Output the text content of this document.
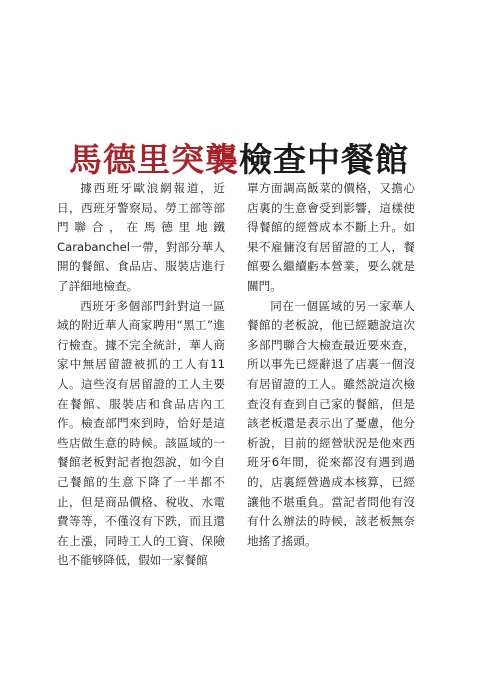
馬德里突襲檢查中餐館

據西班牙歐浪網報道，近日，西班牙警察局、勞工部等部門聯合，在馬德里地鐵Carabanchel一帶，對部分華人開的餐館、食品店、服裝店進行了詳細地檢查。

西班牙多個部門針對這一區域的附近華人商家聘用“黑工”進行檢查。據不完全統計，華人商家中無居留證被抓的工人有11人。這些沒有居留證的工人主要在餐館、服裝店和食品店內工作。檢查部門來到時，恰好是這些店做生意的時候。該區域的一餐館老板對記者抱怨說，如今自己餐館的生意下降了一半都不止，但是商品價格、稅收、水電費等等，不僅沒有下跌，而且還在上漲，同時工人的工資、保險也不能够降低，假如一家餐館

單方面調高飯菜的價格，又擔心店裏的生意會受到影響，這樣使得餐館的經營成本不斷上升。如果不雇傭沒有居留證的工人，餐館要么繼續虧本營業，要么就是關門。

同在一個區域的另一家華人餐館的老板說，他已經聽說這次多部門聯合大檢查最近要來查，所以事先已經辭退了店裏一個沒有居留證的工人。雖然說這次檢查沒有查到自己家的餐館，但是該老板還是表示出了憂慮，他分析說，目前的經營狀況是他來西班牙6年間，從來都沒有遇到過的，店裏經營過成本核算，已經讓他不堪重負。當記者問他有沒有什么辦法的時候，該老板無奈地搖了搖頭。
